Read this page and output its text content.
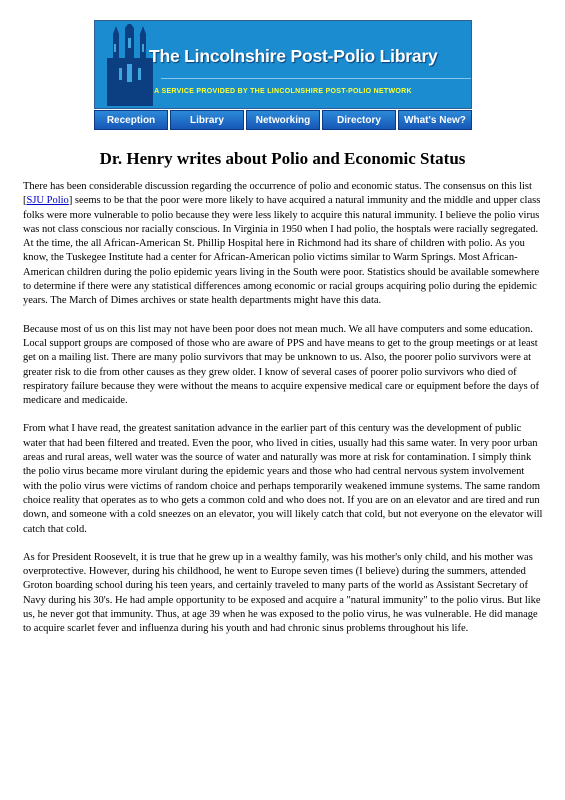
The Lincolnshire Post-Polio Library
A SERVICE PROVIDED BY THE LINCOLNSHIRE POST-POLIO NETWORK
Reception	Library	Networking	Directory	What's New?
Dr. Henry writes about Polio and Economic Status

There has been considerable discussion regarding the occurrence of polio and economic status. The consensus on this list [SJU Polio] seems to be that the poor were more likely to have acquired a natural immunity and the middle and upper class folks were more vulnerable to polio because they were less likely to acquire this natural immunity. I believe the polio virus was not class conscious nor racially conscious. In Virginia in 1950 when I had polio, the hosptals were racially segregated. At the time, the all African-American St. Phillip Hospital here in Richmond had its share of children with polio. As you know, the Tuskegee Institute had a center for African-American polio victims similar to Warm Springs. Most African-American children during the polio epidemic years living in the South were poor. Statistics should be available somewhere to determine if there were any statistical differences among economic or racial groups acquiring polio during the epidemic years. The March of Dimes archives or state health departments might have this data.

Because most of us on this list may not have been poor does not mean much. We all have computers and some education. Local support groups are composed of those who are aware of PPS and have means to get to the group meetings or at least get on a mailing list. There are many polio survivors that may be unknown to us. Also, the poorer polio survivors were at greater risk to die from other causes as they grew older. I know of several cases of poorer polio survivors who died of respiratory failure because they were without the means to acquire expensive medical care or equipment before the days of medicare and medicaide.

From what I have read, the greatest sanitation advance in the earlier part of this century was the development of public water that had been filtered and treated. Even the poor, who lived in cities, usually had this same water. In very poor urban areas and rural areas, well water was the source of water and naturally was more at risk for contamination. I simply think the polio virus became more virulant during the epidemic years and those who had central nervous system involvement with the polio virus were victims of random choice and perhaps temporarily weakened immune systems. The same random choice reality that operates as to who gets a common cold and who does not. If you are on an elevator and are tired and run down, and someone with a cold sneezes on an elevator, you will likely catch that cold, but not everyone on the elevator will catch that cold.

As for President Roosevelt, it is true that he grew up in a wealthy family, was his mother's only child, and his mother was overprotective. However, during his childhood, he went to Europe seven times (I believe) during the summers, attended Groton boarding school during his teen years, and certainly traveled to many parts of the world as Assistant Secretary of Navy during his 30's. He had ample opportunity to be exposed and acquire a "natural immunity" to the polio virus. But like us, he never got that immunity. Thus, at age 39 when he was exposed to the polio virus, he was vulnerable. He did manage to acquire scarlet fever and influenza during his youth and had chronic sinus problems throughout his life.
